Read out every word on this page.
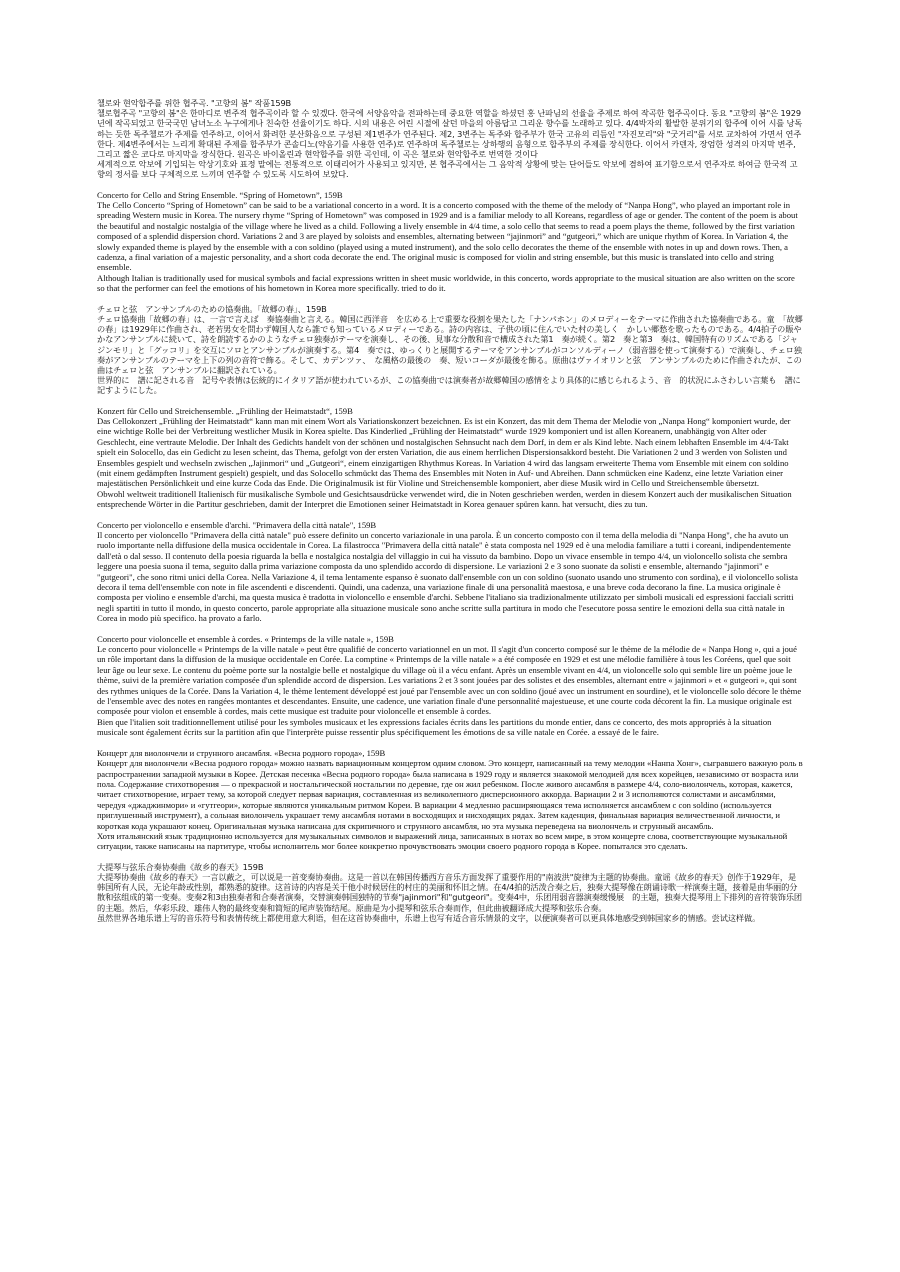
첼로와 현악합주를 위한 협주곡. "고향의 봄" 작품159B

첼로협주곡 "고향의 봄"은 한마디로 변주적 협주곡이라 할 수 있겠다. 한국에 서양음악을 전파하는데 중요한 역할을 하셨던 홍 난파님의 선율을 주제로 하여 작곡한 협주곡이다. 동요 "고향의 봄"은 1929년에 작곡되었고 한국국민 남녀노소 누구에게나 친숙한 선율이기도 하다. 시의 내용은 어린 시절에 살던 마을의 아름답고 그리운 향수를 노래하고 있다. 4/4박자의 활발한 분위기의 합주에 이어 시를 낭독하는 듯한 독주첼로가 주제를 연주하고, 이어서 화려한 분산화음으로 구성된 제1변주가 연주된다. 제2, 3변주는 독주와 합주부가 한국 고유의 리듬인 "자진모리"와 "굿거리"를 서로 교차하여 가면서 연주한다. 제4변주에서는 느리게 확대된 주제를 합주부가 콘솔디노(약음기를 사용한 연주)로 연주하며 독주첼로는 상하행의 음형으로 합주부의 주제를 장식한다. 이어서 카덴자, 장엄한 성격의 마지막 변주, 그리고 짧은 코다로 마지막을 장식한다. 원곡은 바이올린과 현악합주를 위한 곡인데, 이 곡은 첼로와 현악합주로 번역한 것이다

세계적으로 악보에 기입되는 악상기호와 표정 말에는 전통적으로 이태리어가 사용되고 있지만, 본 협주곡에서는 그 음악적 상황에 맞는 단어들도 악보에 겸하여 표기함으로서 연주자로 하여금 한국적 고향의 정서를 보다 구체적으로 느끼며 연주할 수 있도록 시도하여 보았다.

Concerto for Cello and String Ensemble. “Spring of Hometown”, 159B

The Cello Concerto “Spring of Hometown” can be said to be a variational concerto in a word. It is a concerto composed with the theme of the melody of “Nanpa Hong”, who played an important role in spreading Western music in Korea. The nursery rhyme “Spring of Hometown” was composed in 1929 and is a familiar melody to all Koreans, regardless of age or gender. The content of the poem is about the beautiful and nostalgic nostalgia of the village where he lived as a child. Following a lively ensemble in 4/4 time, a solo cello that seems to read a poem plays the theme, followed by the first variation composed of a splendid dispersion chord. Variations 2 and 3 are played by soloists and ensembles, alternating between “jajinmori” and “gutgeori,” which are unique rhythm of Korea. In Variation 4, the slowly expanded theme is played by the ensemble with a con soldino (played using a muted instrument), and the solo cello decorates the theme of the ensemble with notes in up and down rows. Then, a cadenza, a final variation of a majestic personality, and a short coda decorate the end. The original music is composed for violin and string ensemble, but this music is translated into cello and string ensemble.

Although Italian is traditionally used for musical symbols and facial expressions written in sheet music worldwide, in this concerto, words appropriate to the musical situation are also written on the score so that the performer can feel the emotions of his hometown in Korea more specifically. tried to do it.

チェロと弦　アンサンブルのための協奏曲。「故郷の春」、159B

チェロ協奏曲「故郷の春」は、一言で言えば　奏協奏曲と言える。韓国に西洋音　を広める上で重要な役割を果たした「ナンパホン」のメロディーをテーマに作曲された協奏曲である。童　「故郷の春」は1929年に作曲され、老若男女を問わず韓国人なら誰でも知っているメロディーである。詩の内容は、子供の頃に住んでいた村の美しく　かしい郷愁を歌ったものである。4/4拍子の賑やかなアンサンブルに続いて、詩を朗読するかのようなチェロ独奏がテーマを演奏し、その後、見事な分散和音で構成された第1　奏が続く。第2　奏と第3　奏は、韓国特有のリズムである「ジャジンモリ」と「グッコリ」を交互にソロとアンサンブルが演奏する。第4　奏では、ゆっくりと展開するテーマをアンサンブルがコンソルディーノ（弱音器を使って演奏する）で演奏し、チェロ独奏がアンサンブルのテーマを上下の列の音符で飾る。そして、カデンツァ、　な風格の最後の　奏、短いコーダが最後を飾る。原曲はヴァイオリンと弦　アンサンブルのために作曲されたが、この曲はチェロと弦　アンサンブルに翻訳されている。

世界的に　譜に記される音　記号や表情は伝統的にイタリア語が使われているが、この協奏曲では演奏者が故郷韓国の感情をより具体的に感じられるよう、音　的状況にふさわしい言葉も　譜に記すようにした。

Konzert für Cello und Streichensemble. „Frühling der Heimatstadt“, 159B

Das Cellokonzert „Frühling der Heimatstadt“ kann man mit einem Wort als Variationskonzert bezeichnen. Es ist ein Konzert, das mit dem Thema der Melodie von „Nanpa Hong“ komponiert wurde, der eine wichtige Rolle bei der Verbreitung westlicher Musik in Korea spielte. Das Kinderlied „Frühling der Heimatstadt“ wurde 1929 komponiert und ist allen Koreanern, unabhängig von Alter oder Geschlecht, eine vertraute Melodie. Der Inhalt des Gedichts handelt von der schönen und nostalgischen Sehnsucht nach dem Dorf, in dem er als Kind lebte. Nach einem lebhaften Ensemble im 4/4-Takt spielt ein Solocello, das ein Gedicht zu lesen scheint, das Thema, gefolgt von der ersten Variation, die aus einem herrlichen Dispersionsakkord besteht. Die Variationen 2 und 3 werden von Solisten und Ensembles gespielt und wechseln zwischen „Jajinmori“ und „Gutgeori“, einem einzigartigen Rhythmus Koreas. In Variation 4 wird das langsam erweiterte Thema vom Ensemble mit einem con soldino (mit einem gedämpften Instrument gespielt) gespielt, und das Solocello schmückt das Thema des Ensembles mit Noten in Auf- und Abreihen. Dann schmücken eine Kadenz, eine letzte Variation einer majestätischen Persönlichkeit und eine kurze Coda das Ende. Die Originalmusik ist für Violine und Streichensemble komponiert, aber diese Musik wird in Cello und Streichensemble übersetzt.

Obwohl weltweit traditionell Italienisch für musikalische Symbole und Gesichtsausdrücke verwendet wird, die in Noten geschrieben werden, werden in diesem Konzert auch der musikalischen Situation entsprechende Wörter in die Partitur geschrieben, damit der Interpret die Emotionen seiner Heimatstadt in Korea genauer spüren kann. hat versucht, dies zu tun.

Concerto per violoncello e ensemble d'archi. "Primavera della città natale", 159B

Il concerto per violoncello "Primavera della città natale" può essere definito un concerto variazionale in una parola. È un concerto composto con il tema della melodia di "Nanpa Hong", che ha avuto un ruolo importante nella diffusione della musica occidentale in Corea. La filastrocca "Primavera della città natale" è stata composta nel 1929 ed è una melodia familiare a tutti i coreani, indipendentemente dall'età o dal sesso. Il contenuto della poesia riguarda la bella e nostalgica nostalgia del villaggio in cui ha vissuto da bambino. Dopo un vivace ensemble in tempo 4/4, un violoncello solista che sembra leggere una poesia suona il tema, seguito dalla prima variazione composta da uno splendido accordo di dispersione. Le variazioni 2 e 3 sono suonate da solisti e ensemble, alternando "jajinmori" e "gutgeori", che sono ritmi unici della Corea. Nella Variazione 4, il tema lentamente espanso è suonato dall'ensemble con un con soldino (suonato usando uno strumento con sordina), e il violoncello solista decora il tema dell'ensemble con note in file ascendenti e discendenti. Quindi, una cadenza, una variazione finale di una personalità maestosa, e una breve coda decorano la fine. La musica originale è composta per violino e ensemble d'archi, ma questa musica è tradotta in violoncello e ensemble d'archi. Sebbene l'italiano sia tradizionalmente utilizzato per simboli musicali ed espressioni facciali scritti negli spartiti in tutto il mondo, in questo concerto, parole appropriate alla situazione musicale sono anche scritte sulla partitura in modo che l'esecutore possa sentire le emozioni della sua città natale in Corea in modo più specifico. ha provato a farlo.

Concerto pour violoncelle et ensemble à cordes. « Printemps de la ville natale », 159B

Le concerto pour violoncelle « Printemps de la ville natale » peut être qualifié de concerto variationnel en un mot. Il s'agit d'un concerto composé sur le thème de la mélodie de « Nanpa Hong », qui a joué un rôle important dans la diffusion de la musique occidentale en Corée. La comptine « Printemps de la ville natale » a été composée en 1929 et est une mélodie familière à tous les Coréens, quel que soit leur âge ou leur sexe. Le contenu du poème porte sur la nostalgie belle et nostalgique du village où il a vécu enfant. Après un ensemble vivant en 4/4, un violoncelle solo qui semble lire un poème joue le thème, suivi de la première variation composée d'un splendide accord de dispersion. Les variations 2 et 3 sont jouées par des solistes et des ensembles, alternant entre « jajinmori » et « gutgeori », qui sont des rythmes uniques de la Corée. Dans la Variation 4, le thème lentement développé est joué par l'ensemble avec un con soldino (joué avec un instrument en sourdine), et le violoncelle solo décore le thème de l'ensemble avec des notes en rangées montantes et descendantes. Ensuite, une cadence, une variation finale d'une personnalité majestueuse, et une courte coda décorent la fin. La musique originale est composée pour violon et ensemble à cordes, mais cette musique est traduite pour violoncelle et ensemble à cordes.

Bien que l'italien soit traditionnellement utilisé pour les symboles musicaux et les expressions faciales écrits dans les partitions du monde entier, dans ce concerto, des mots appropriés à la situation musicale sont également écrits sur la partition afin que l'interprète puisse ressentir plus spécifiquement les émotions de sa ville natale en Corée. a essayé de le faire.

Концерт для виолончели и струнного ансамбля. «Весна родного города», 159B

Концерт для виолончели «Весна родного города» можно назвать вариационным концертом одним словом. Это концерт, написанный на тему мелодии «Нанпа Хонг», сыгравшего важную роль в распространении западной музыки в Корее. Детская песенка «Весна родного города» была написана в 1929 году и является знакомой мелодией для всех корейцев, независимо от возраста или пола. Содержание стихотворения — о прекрасной и ностальгической ностальгии по деревне, где он жил ребенком. После живого ансамбля в размере 4/4, соло-виолончель, которая, кажется, читает стихотворение, играет тему, за которой следует первая вариация, составленная из великолепного дисперсионного аккорда. Вариации 2 и 3 исполняются солистами и ансамблями, чередуя «джаджинмори» и «гутгеори», которые являются уникальным ритмом Кореи. В вариации 4 медленно расширяющаяся тема исполняется ансамблем с con soldino (используется приглушенный инструмент), а сольная виолончель украшает тему ансамбля нотами в восходящих и нисходящих рядах. Затем каденция, финальная вариация величественной личности, и короткая кода украшают конец. Оригинальная музыка написана для скрипичного и струнного ансамбля, но эта музыка переведена на виолончель и струнный ансамбль.

Хотя итальянский язык традиционно используется для музыкальных символов и выражений лица, записанных в нотах во всем мире, в этом концерте слова, соответствующие музыкальной ситуации, также написаны на партитуре, чтобы исполнитель мог более конкретно прочувствовать эмоции своего родного города в Корее. попытался это сделать.

大提琴与弦乐合奏协奏曲《故乡的春天》159B

大提琴协奏曲《故乡的春天》一言以蔽之，可以说是一首变奏协奏曲。这是一首以在韩国传播西方音乐方面发挥了重要作用的"南波洪"旋律为主题的协奏曲。童谣《故乡的春天》创作于1929年，是韩国所有人民，无论年龄或性别，都熟悉的旋律。这首诗的内容是关于他小时候居住的村庄的美丽和怀旧之情。在4/4拍的活泼合奏之后，独奏大提琴像在朗诵诗歌一样演奏主题，接着是由华丽的分散和弦组成的第一变奏。变奏2和3由独奏者和合奏者演奏，交替演奏韩国独特的节奏"jajinmori"和"gutgeori"。变奏4中，乐团用弱音器演奏缓慢展　的主题，独奏大提琴用上下排列的音符装饰乐团的主题。然后，华彩乐段、雄伟人物的最终变奏和简短的尾声装饰结尾。原曲是为小提琴和弦乐合奏而作，但此曲被翻译成大提琴和弦乐合奏。

虽然世界各地乐谱上写的音乐符号和表情传统上都使用意大利语，但在这首协奏曲中，乐谱上也写有适合音乐情景的文字，以便演奏者可以更具体地感受到韩国家乡的情感。尝试这样做。
